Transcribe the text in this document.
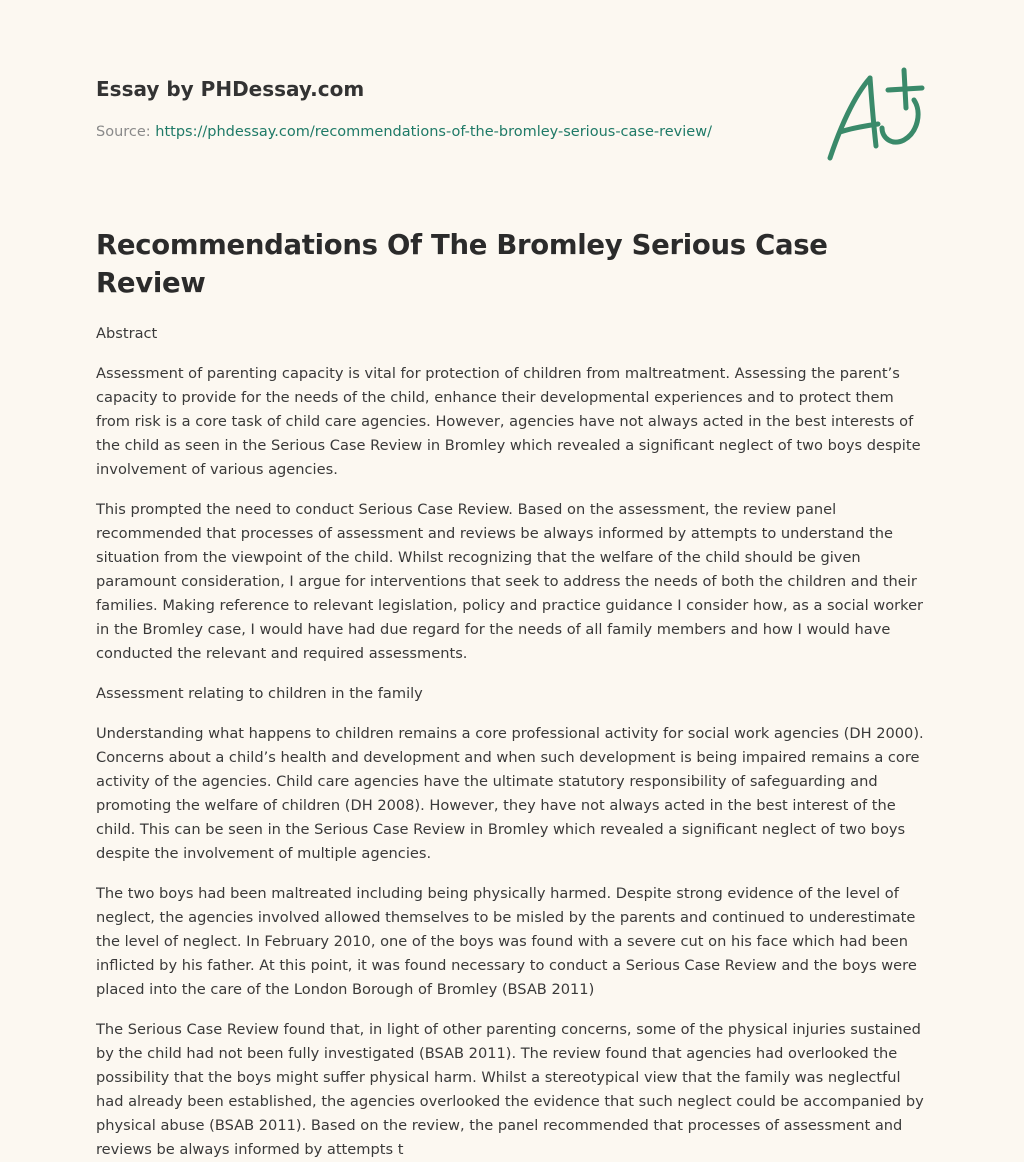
Essay by PHDessay.com
Source: https://phdessay.com/recommendations-of-the-bromley-serious-case-review/
Recommendations Of The Bromley Serious Case Review

Abstract

Assessment of parenting capacity is vital for protection of children from maltreatment. Assessing the parent’s capacity to provide for the needs of the child, enhance their developmental experiences and to protect them from risk is a core task of child care agencies. However, agencies have not always acted in the best interests of the child as seen in the Serious Case Review in Bromley which revealed a significant neglect of two boys despite involvement of various agencies.

This prompted the need to conduct Serious Case Review. Based on the assessment, the review panel recommended that processes of assessment and reviews be always informed by attempts to understand the situation from the viewpoint of the child. Whilst recognizing that the welfare of the child should be given paramount consideration, I argue for interventions that seek to address the needs of both the children and their families. Making reference to relevant legislation, policy and practice guidance I consider how, as a social worker in the Bromley case, I would have had due regard for the needs of all family members and how I would have conducted the relevant and required assessments.

Assessment relating to children in the family

Understanding what happens to children remains a core professional activity for social work agencies (DH 2000). Concerns about a child’s health and development and when such development is being impaired remains a core activity of the agencies. Child care agencies have the ultimate statutory responsibility of safeguarding and promoting the welfare of children (DH 2008). However, they have not always acted in the best interest of the child. This can be seen in the Serious Case Review in Bromley which revealed a significant neglect of two boys despite the involvement of multiple agencies.

The two boys had been maltreated including being physically harmed. Despite strong evidence of the level of neglect, the agencies involved allowed themselves to be misled by the parents and continued to underestimate the level of neglect. In February 2010, one of the boys was found with a severe cut on his face which had been inflicted by his father. At this point, it was found necessary to conduct a Serious Case Review and the boys were placed into the care of the London Borough of Bromley (BSAB 2011)

The Serious Case Review found that, in light of other parenting concerns, some of the physical injuries sustained by the child had not been fully investigated (BSAB 2011). The review found that agencies had overlooked the possibility that the boys might suffer physical harm. Whilst a stereotypical view that the family was neglectful had already been established, the agencies overlooked the evidence that such neglect could be accompanied by physical abuse (BSAB 2011). Based on the review, the panel recommended that processes of assessment and reviews be always informed by attempts t
